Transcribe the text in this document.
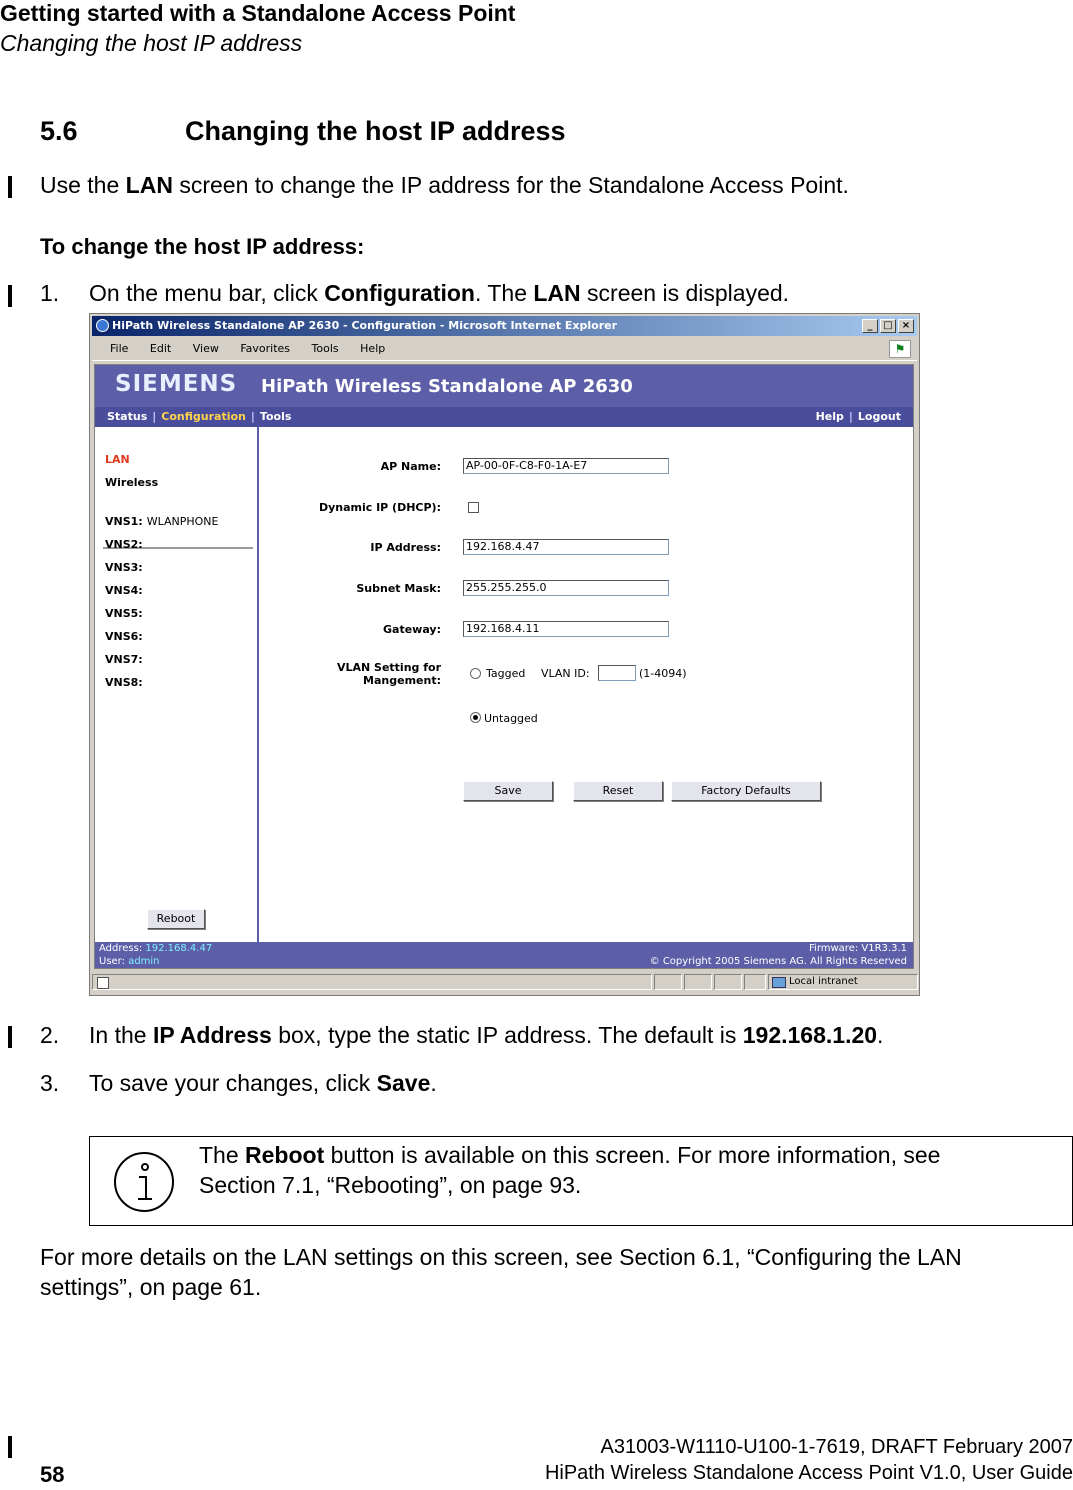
Getting started with a Standalone Access Point
Changing the host IP address
5.6	Changing the host IP address
Use the LAN screen to change the IP address for the Standalone Access Point.
To change the host IP address:
1. On the menu bar, click Configuration. The LAN screen is displayed.
HiPath Wireless Standalone AP 2630 - Configuration - Microsoft Internet Explorer	_	□ ×
File Edit View Favorites Tools Help	⚑
SIEMENS HiPath Wireless Standalone AP 2630
Status | Configuration | Tools	Help | Logout
LAN
Wireless
VNS1: WLANPHONE
VNS2:
VNS3:
VNS4:
VNS5:
VNS6:
VNS7:
VNS8:
Reboot
AP Name: AP-00-0F-C8-F0-1A-E7
Dynamic IP (DHCP):
IP Address: 192.168.4.47
Subnet Mask: 255.255.255.0
Gateway: 192.168.4.11
VLAN Setting for
Mangement:
Tagged VLAN ID:	(1-4094)
Untagged
Save	Reset	Factory Defaults
Address: 192.168.4.47
User: admin
Firmware: V1R3.3.1
© Copyright 2005 Siemens AG. All Rights Reserved
Local intranet
2. In the IP Address box, type the static IP address. The default is 192.168.1.20.
3. To save your changes, click Save.
The Reboot button is available on this screen. For more information, see
Section 7.1, “Rebooting”, on page 93.
For more details on the LAN settings on this screen, see Section 6.1, “Configuring the LAN
settings”, on page 61.
A31003-W1110-U100-1-7619, DRAFT February 2007
HiPath Wireless Standalone Access Point V1.0, User Guide
58
